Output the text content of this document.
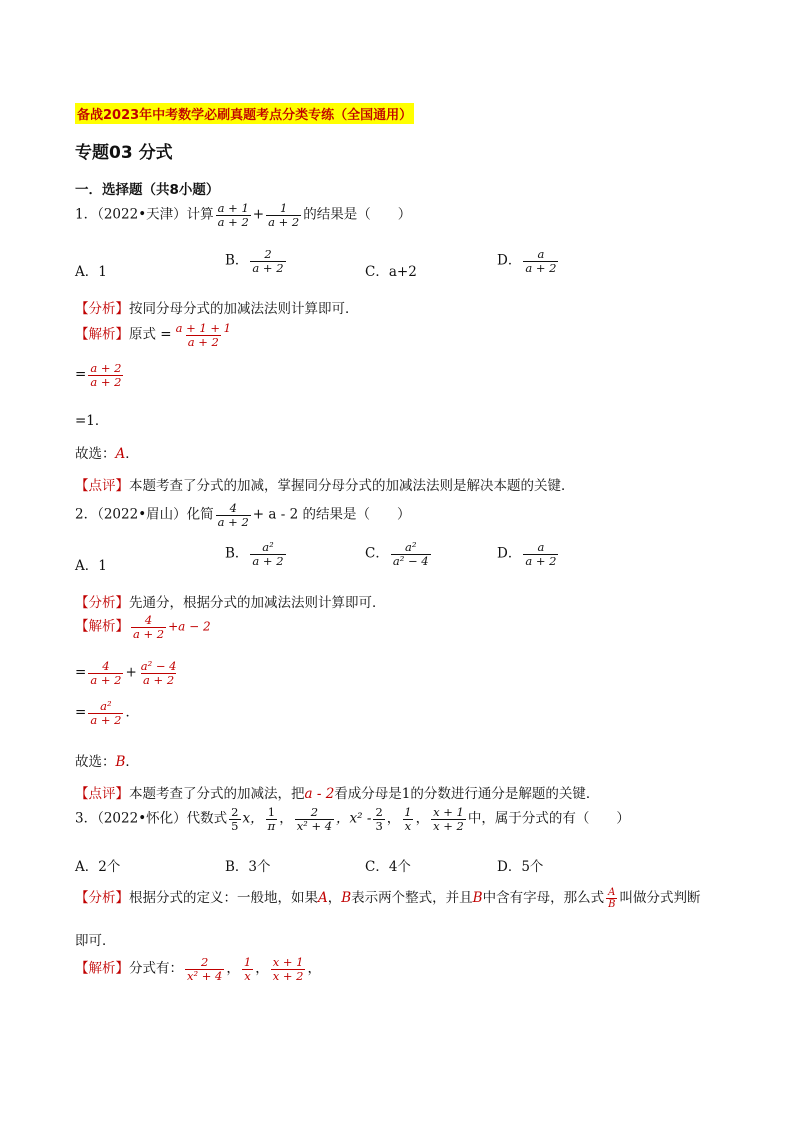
备战2023年中考数学必刷真题考点分类专练（全国通用）
专题03 分式
一．选择题（共8小题）
1．（2022•天津）计算 $\frac{a + 1}{a + 2} + \frac{1}{a + 2}$ 的结果是（　　）
A．1
B． $\frac{2}{a + 2}$	C．a+2
D． $\frac{a}{a + 2}$
【分析】按同分母分式的加减法法则计算即可．
【解析】原式 = $\frac{a + 1 + 1}{a + 2}$
= $\frac{a + 2}{a + 2}$
=1．
故选：A．
【点评】本题考查了分式的加减，掌握同分母分式的加减法法则是解决本题的关键．
2．（2022•眉山）化简 $\frac{4}{a + 2} + a - 2$ 的结果是（　　）
A．1
B． $\frac{\text{a²}}{a + 2}$	C． $\frac{\text{a²}}{\text{a² − 4}}$	D． $\frac{a}{a + 2}$
【分析】先通分，根据分式的加减法法则计算即可．
【解析】 $\frac{4}{a + 2} +a - 2$
= $\frac{4}{a + 2} + \frac{\text{a² − 4}}{a + 2}$
= $\frac{\text{a²}}{a + 2}$ ．
故选：B．
【点评】本题考查了分式的加减法，把a - 2看成分母是1的分数进行通分是解题的关键．
3．（2022•怀化）代数式 $\frac{2}{5}$ x， $\frac{1}{\pi}$ ， $\frac{2}{\text{x² + 4}}$ ，$x^2 - \frac{2}{3}$ ， $\frac{1}{x}$ ， $\frac{x + 1}{x + 2}$ 中，属于分式的有（　　）
A．2个	B．3个	C．4个	D．5个
【分析】根据分式的定义：一般地，如果A，B表示两个整式，并且B中含有字母，那么式 $\frac{A}{B}$ 叫做分式判断
即可．
【解析】分式有： $\frac{2}{\text{x² + 4}}$ ， $\frac{1}{x}$ ， $\frac{x + 1}{x + 2}$ ，
